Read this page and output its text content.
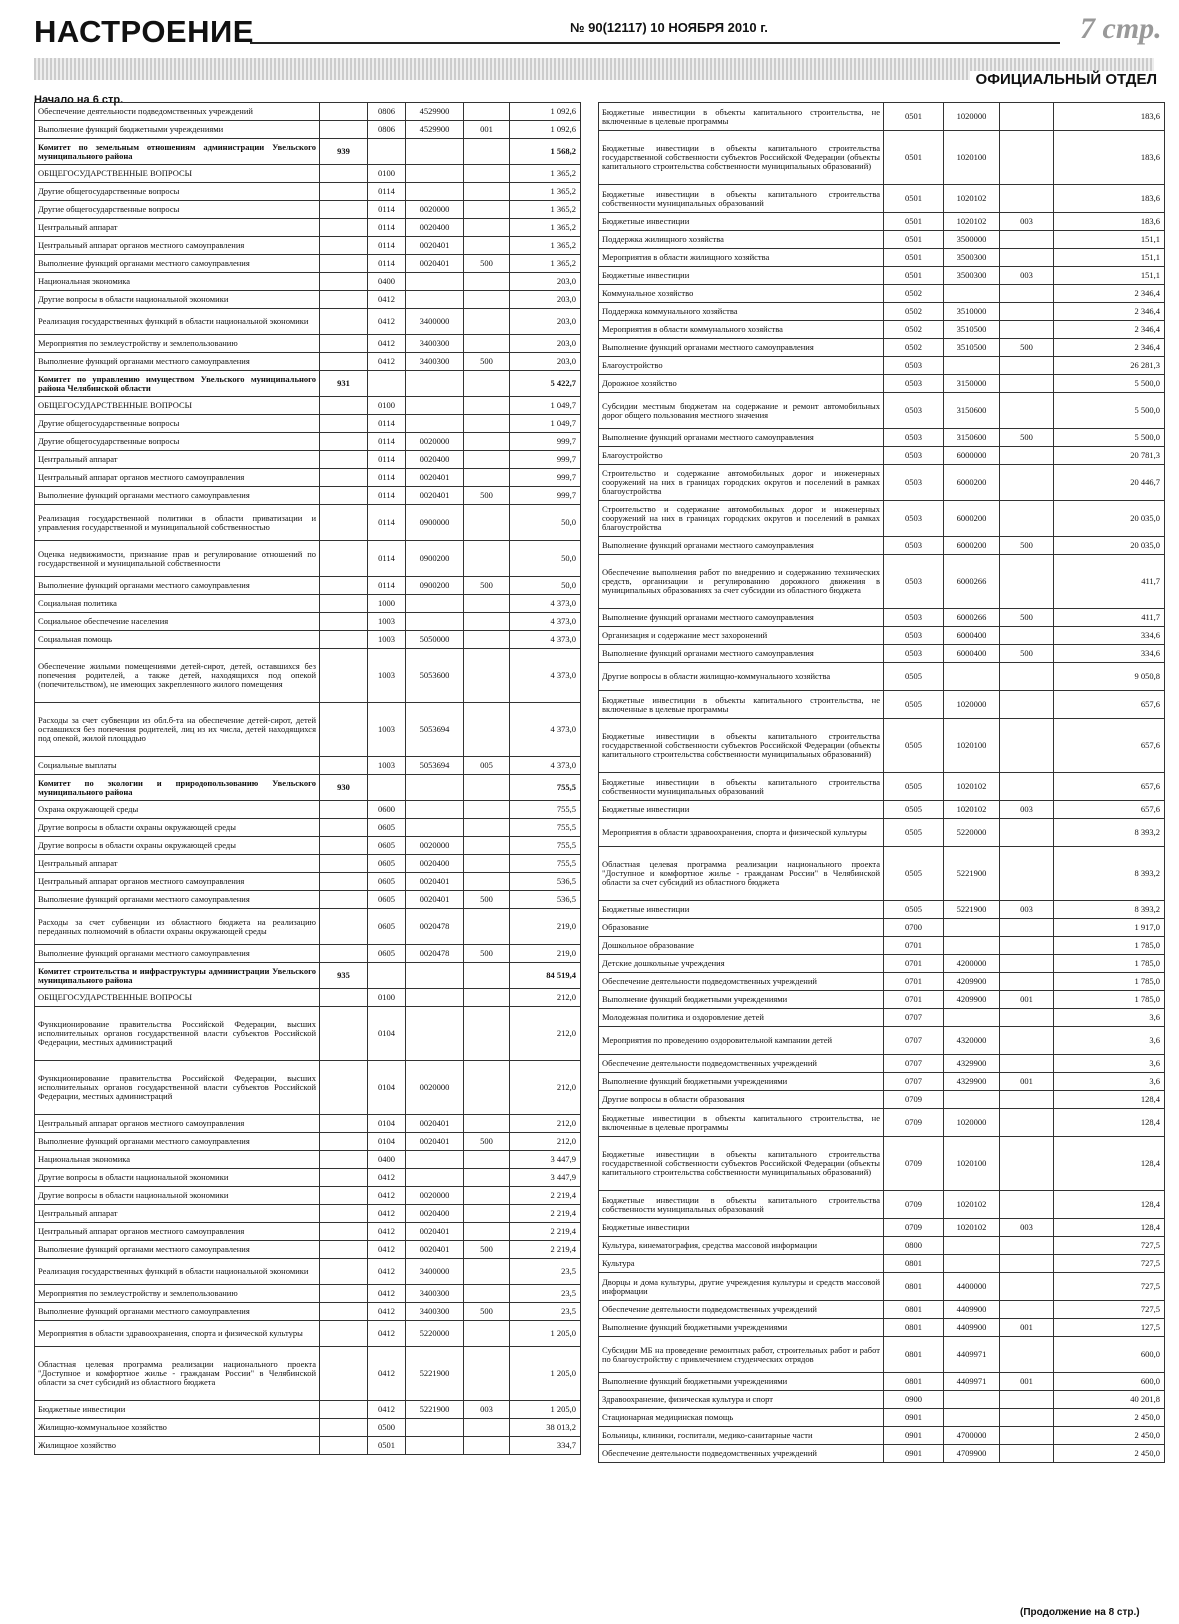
НАСТРОЕНИЕ	№ 90(12117) 10 НОЯБРЯ 2010 г.	7 стр.
ОФИЦИАЛЬНЫЙ ОТДЕЛ
Начало на 6 стр.
Обеспечение деятельности подведомственных учреждений		0806	4529900		1 092,6
Выполнение функций бюджетными учреждениями		0806	4529900	001	1 092,6
Комитет по земельным отношениям администрации Увельского муниципального района	939				1 568,2
ОБЩЕГОСУДАРСТВЕННЫЕ ВОПРОСЫ		0100			1 365,2
Другие общегосударственные вопросы		0114			1 365,2
Другие общегосударственные вопросы		0114	0020000		1 365,2
Центральный аппарат		0114	0020400		1 365,2
Центральный аппарат органов местного самоуправления		0114	0020401		1 365,2
Выполнение функций органами местного самоуправления		0114	0020401	500	1 365,2
Национальная экономика		0400			203,0
Другие вопросы в области национальной экономики		0412			203,0
Реализация государственных функций в области национальной экономики		0412	3400000		203,0
Мероприятия по землеустройству и землепользованию		0412	3400300		203,0
Выполнение функций органами местного самоуправления		0412	3400300	500	203,0
Комитет по управлению имуществом Увельского муниципального района Челябинской области	931				5 422,7
ОБЩЕГОСУДАРСТВЕННЫЕ ВОПРОСЫ		0100			1 049,7
Другие общегосударственные вопросы		0114			1 049,7
Другие общегосударственные вопросы		0114	0020000		999,7
Центральный аппарат		0114	0020400		999,7
Центральный аппарат органов местного самоуправления		0114	0020401		999,7
Выполнение функций органами местного самоуправления		0114	0020401	500	999,7
Реализация государственной политики в области приватизации и управления государственной и муниципальной собственностью		0114	0900000		50,0
Оценка недвижимости, признание прав и регулирование отношений по государственной и муниципальной собственности		0114	0900200		50,0
Выполнение функций органами местного самоуправления		0114	0900200	500	50,0
Социальная политика		1000			4 373,0
Социальное обеспечение населения		1003			4 373,0
Социальная помощь		1003	5050000		4 373,0
Обеспечение жилыми помещениями детей-сирот, детей, оставшихся без попечения родителей, а также детей, находящихся под опекой (попечительством), не имеющих закрепленного жилого помещения		1003	5053600		4 373,0
Расходы за счет субвенции из обл.б-та на обеспечение детей-сирот, детей оставшихся без попечения родителей, лиц из их числа, детей находящихся под опекой, жилой площадью		1003	5053694		4 373,0
Социальные выплаты		1003	5053694	005	4 373,0
Комитет по экологии и природопользованию Увельского муниципального района	930				755,5
Охрана окружающей среды		0600			755,5
Другие вопросы в области охраны окружающей среды		0605			755,5
Другие вопросы в области охраны окружающей среды		0605	0020000		755,5
Центральный аппарат		0605	0020400		755,5
Центральный аппарат органов местного самоуправления		0605	0020401		536,5
Выполнение функций органами местного самоуправления		0605	0020401	500	536,5
Расходы за счет субвенции из областного бюджета на реализацию переданных полномочий в области охраны окружающей среды		0605	0020478		219,0
Выполнение функций органами местного самоуправления		0605	0020478	500	219,0
Комитет строительства и инфраструктуры администрации Увельского муниципального района	935				84 519,4
ОБЩЕГОСУДАРСТВЕННЫЕ ВОПРОСЫ		0100			212,0
Функционирование правительства Российской Федерации, высших исполнительных органов государственной власти субъектов Российской Федерации, местных администраций		0104			212,0
Функционирование правительства Российской Федерации, высших исполнительных органов государственной власти субъектов Российской Федерации, местных администраций		0104	0020000		212,0
Центральный аппарат органов местного самоуправления		0104	0020401		212,0
Выполнение функций органами местного самоуправления		0104	0020401	500	212,0
Национальная экономика		0400			3 447,9
Другие вопросы в области национальной экономики		0412			3 447,9
Другие вопросы в области национальной экономики		0412	0020000		2 219,4
Центральный аппарат		0412	0020400		2 219,4
Центральный аппарат органов местного самоуправления		0412	0020401		2 219,4
Выполнение функций органами местного самоуправления		0412	0020401	500	2 219,4
Реализация государственных функций в области национальной экономики		0412	3400000		23,5
Мероприятия по землеустройству и землепользованию		0412	3400300		23,5
Выполнение функций органами местного самоуправления		0412	3400300	500	23,5
Мероприятия в области здравоохранения, спорта и физической культуры		0412	5220000		1 205,0
Областная целевая программа реализации национального проекта "Доступное и комфортное жилье - гражданам России" в Челябинской области за счет субсидий из областного бюджета		0412	5221900		1 205,0
Бюджетные инвестиции		0412	5221900	003	1 205,0
Жилищно-коммунальное хозяйство		0500			38 013,2
Жилищное хозяйство		0501			334,7
Бюджетные инвестиции в объекты капитального строительства, не включенные в целевые программы	0501	1020000		183,6
Бюджетные инвестиции в объекты капитального строительства государственной собственности субъектов Российской Федерации (объекты капитального строительства собственности муниципальных образований)	0501	1020100		183,6
Бюджетные инвестиции в объекты капитального строительства собственности муниципальных образований	0501	1020102		183,6
Бюджетные инвестиции	0501	1020102	003	183,6
Поддержка жилищного хозяйства	0501	3500000		151,1
Мероприятия в области жилищного хозяйства	0501	3500300		151,1
Бюджетные инвестиции	0501	3500300	003	151,1
Коммунальное хозяйство	0502			2 346,4
Поддержка коммунального хозяйства	0502	3510000		2 346,4
Мероприятия в области коммунального хозяйства	0502	3510500		2 346,4
Выполнение функций органами местного самоуправления	0502	3510500	500	2 346,4
Благоустройство	0503			26 281,3
Дорожное хозяйство	0503	3150000		5 500,0
Субсидии местным бюджетам на содержание и ремонт автомобильных дорог общего пользования местного значения	0503	3150600		5 500,0
Выполнение функций органами местного самоуправления	0503	3150600	500	5 500,0
Благоустройство	0503	6000000		20 781,3
Строительство и содержание автомобильных дорог и инженерных сооружений на них в границах городских округов и поселений в рамках благоустройства	0503	6000200		20 446,7
Строительство и содержание автомобильных дорог и инженерных сооружений на них в границах городских округов и поселений в рамках благоустройства	0503	6000200		20 035,0
Выполнение функций органами местного самоуправления	0503	6000200	500	20 035,0
Обеспечение выполнения работ по внедрению и содержанию технических средств, организации и регулированию дорожного движения в муниципальных образованиях за счет субсидии из областного бюджета	0503	6000266		411,7
Выполнение функций органами местного самоуправления	0503	6000266	500	411,7
Организация и содержание мест захоронений	0503	6000400		334,6
Выполнение функций органами местного самоуправления	0503	6000400	500	334,6
Другие вопросы в области жилищно-коммунального хозяйства	0505			9 050,8
Бюджетные инвестиции в объекты капитального строительства, не включенные в целевые программы	0505	1020000		657,6
Бюджетные инвестиции в объекты капитального строительства государственной собственности субъектов Российской Федерации (объекты капитального строительства собственности муниципальных образований)	0505	1020100		657,6
Бюджетные инвестиции в объекты капитального строительства собственности муниципальных образований	0505	1020102		657,6
Бюджетные инвестиции	0505	1020102	003	657,6
Мероприятия в области здравоохранения, спорта и физической культуры	0505	5220000		8 393,2
Областная целевая программа реализации национального проекта "Доступное и комфортное жилье - гражданам России" в Челябинской области за счет субсидий из областного бюджета	0505	5221900		8 393,2
Бюджетные инвестиции	0505	5221900	003	8 393,2
Образование	0700			1 917,0
Дошкольное образование	0701			1 785,0
Детские дошкольные учреждения	0701	4200000		1 785,0
Обеспечение деятельности подведомственных учреждений	0701	4209900		1 785,0
Выполнение функций бюджетными учреждениями	0701	4209900	001	1 785,0
Молодежная политика и оздоровление детей	0707			3,6
Мероприятия по проведению оздоровительной кампании детей	0707	4320000		3,6
Обеспечение деятельности подведомственных учреждений	0707	4329900		3,6
Выполнение функций бюджетными учреждениями	0707	4329900	001	3,6
Другие вопросы в области образования	0709			128,4
Бюджетные инвестиции в объекты капитального строительства, не включенные в целевые программы	0709	1020000		128,4
Бюджетные инвестиции в объекты капитального строительства государственной собственности субъектов Российской Федерации (объекты капитального строительства собственности муниципальных образований)	0709	1020100		128,4
Бюджетные инвестиции в объекты капитального строительства собственности муниципальных образований	0709	1020102		128,4
Бюджетные инвестиции	0709	1020102	003	128,4
Культура, кинематография, средства массовой информации	0800			727,5
Культура	0801			727,5
Дворцы и дома культуры, другие учреждения культуры и средств массовой информации	0801	4400000		727,5
Обеспечение деятельности подведомственных учреждений	0801	4409900		727,5
Выполнение функций бюджетными учреждениями	0801	4409900	001	127,5
Субсидии МБ на проведение ремонтных работ, строительных работ и работ по благоустройству с привлечением студенческих отрядов	0801	4409971		600,0
Выполнение функций бюджетными учреждениями	0801	4409971	001	600,0
Здравоохранение, физическая культура и спорт	0900			40 201,8
Стационарная медицинская помощь	0901			2 450,0
Больницы, клиники, госпитали, медико-санитарные части	0901	4700000		2 450,0
Обеспечение деятельности подведомственных учреждений	0901	4709900		2 450,0
(Продолжение на 8 стр.)
